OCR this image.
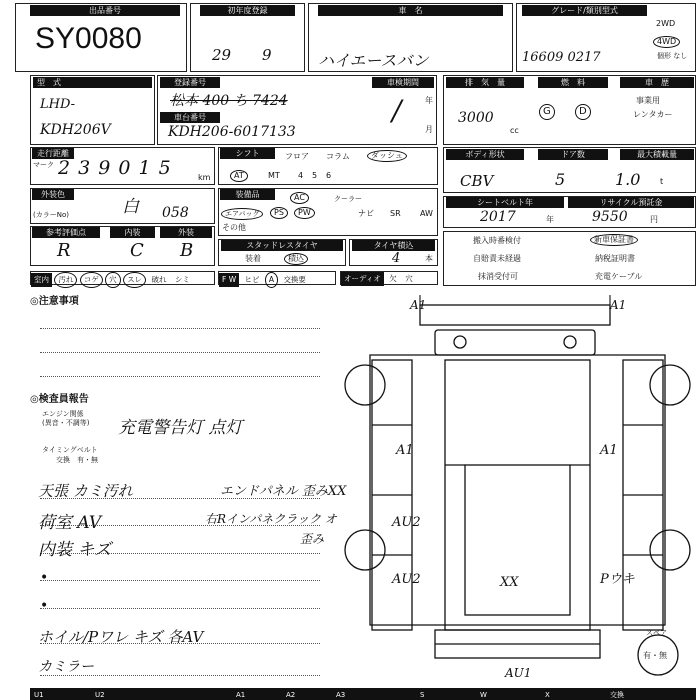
出品番号
SY0080
初年度登録
29 9
車　名
ハイエースバン
グレード/類別型式
16609 0217
2WD
4WD
個形 なし
型　式
LHD-
KDH206V
登録番号
松本 400 ち 7424
車台番号
KDH206-6017133
車検期間
/	年
月
排　気　量
3000
cc
燃　料
G	D
車　歴
事業用
レンタカー
走行距離
マーク 2 3 9 0 1 5	km
シフト	フロア コラム	ダッシュ
AT	MT 4 5 6
ボディ形状
CBV
ドア数
5
最大積載量
1.0 t
外装色
白
(カラーNo)	058
装備品	AC	クーラー
エアバッグ	PS	PW	ナビ SR AW
その他
シートベルト年
2017	年
リサイクル預託金
9550	円
参考評価点
R
内装
C
外装
B	スタッドレスタイヤ
装着	積込
タイヤ積込
4	本
搬入時番検付
自賠責未経過
抹消受付可
新車保証書
納税証明書
充電ケーブル
室内 汚れ コゲ 穴 スレ 破れ シミ	F W ヒビ A 交換要	オーディオ 欠 穴
◎注意事項
◎検査員報告
エンジン関係
(異音・不調等) 充電警告灯 点灯
タイミングベルト
交換　有・無
天張 カミ汚れ
荷室 AV
内装 キズ
•
•
ホイル/Pワレ キズ 各AV
カミラー
エンドパネル 歪みXX
右Rインパネクラック オ
歪み
A1	A1
A1	A1
AU2
AU2	XX	Pウキ
AU1
スペア
有・無
U1	U2	A1	A2	A3	S	W	X	交換
